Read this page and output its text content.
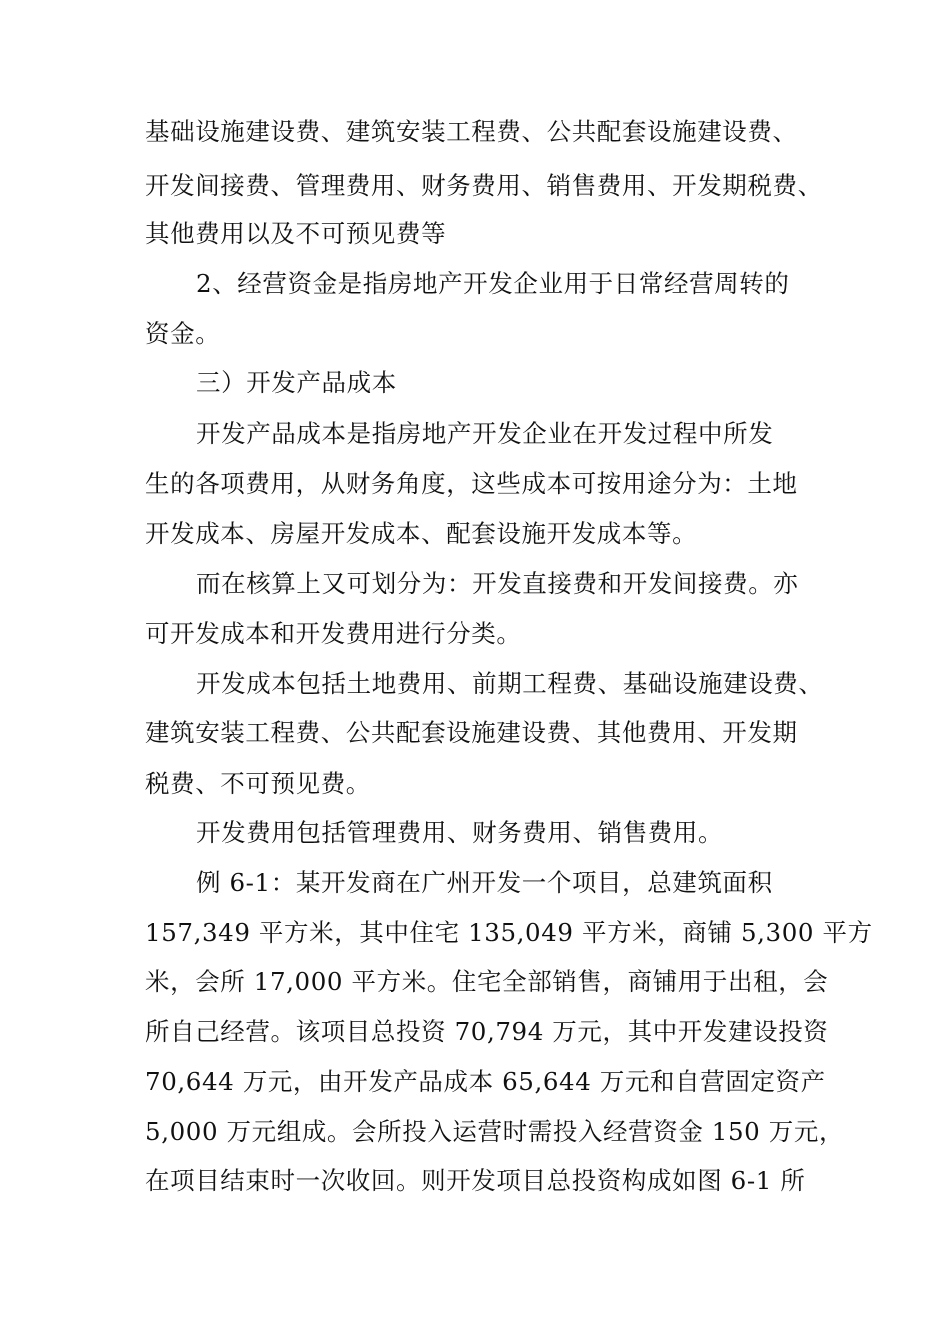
基础设施建设费、建筑安装工程费、公共配套设施建设费、
开发间接费、管理费用、财务费用、销售费用、开发期税费、
其他费用以及不可预见费等
2、经营资金是指房地产开发企业用于日常经营周转的
资金。
三）开发产品成本
开发产品成本是指房地产开发企业在开发过程中所发
生的各项费用，从财务角度，这些成本可按用途分为：土地
开发成本、房屋开发成本、配套设施开发成本等。
而在核算上又可划分为：开发直接费和开发间接费。亦
可开发成本和开发费用进行分类。
开发成本包括土地费用、前期工程费、基础设施建设费、
建筑安装工程费、公共配套设施建设费、其他费用、开发期
税费、不可预见费。
开发费用包括管理费用、财务费用、销售费用。
例 6-1：某开发商在广州开发一个项目，总建筑面积
157,349 平方米，其中住宅 135,049 平方米，商铺 5,300 平方
米，会所 17,000 平方米。住宅全部销售，商铺用于出租，会
所自己经营。该项目总投资 70,794 万元，其中开发建设投资
70,644 万元，由开发产品成本 65,644 万元和自营固定资产
5,000 万元组成。会所投入运营时需投入经营资金 150 万元，
在项目结束时一次收回。则开发项目总投资构成如图 6-1 所
